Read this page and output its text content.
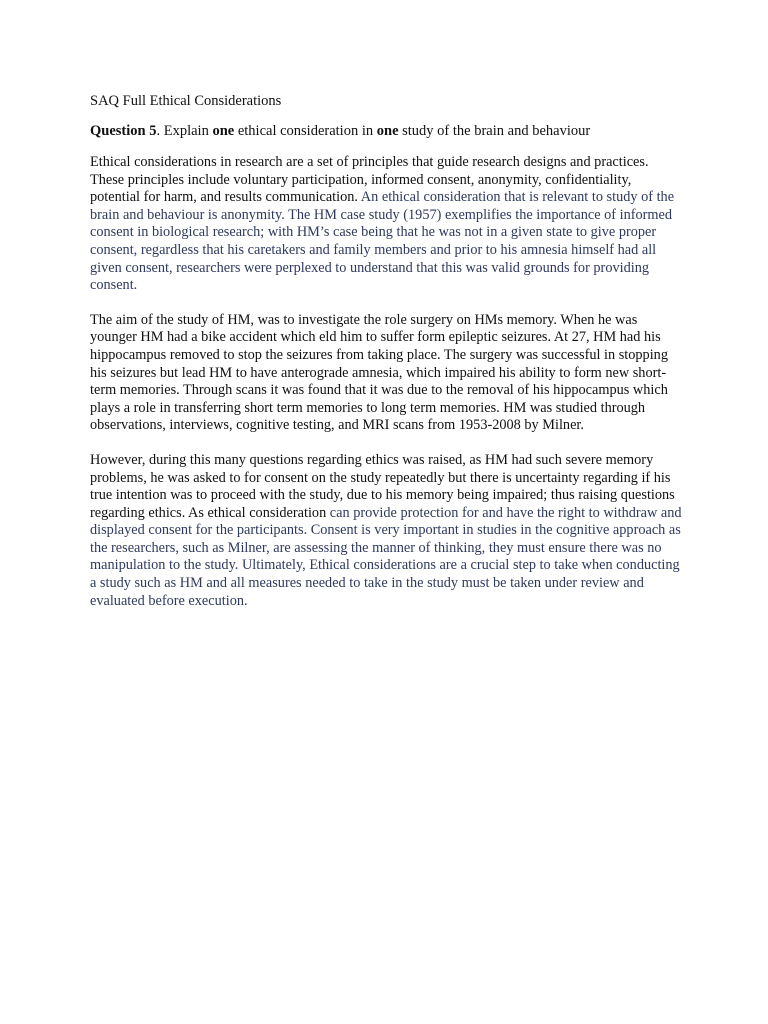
SAQ Full Ethical Considerations
Question 5. Explain one ethical consideration in one study of the brain and behaviour

Ethical considerations in research are a set of principles that guide research designs and practices. These principles include voluntary participation, informed consent, anonymity, confidentiality, potential for harm, and results communication. An ethical consideration that is relevant to study of the brain and behaviour is anonymity. The HM case study (1957) exemplifies the importance of informed consent in biological research; with HM’s case being that he was not in a given state to give proper consent, regardless that his caretakers and family members and prior to his amnesia himself had all given consent, researchers were perplexed to understand that this was valid grounds for providing consent.

The aim of the study of HM, was to investigate the role surgery on HMs memory. When he was younger HM had a bike accident which eld him to suffer form epileptic seizures. At 27, HM had his hippocampus removed to stop the seizures from taking place. The surgery was successful in stopping his seizures but lead HM to have anterograde amnesia, which impaired his ability to form new short-term memories. Through scans it was found that it was due to the removal of his hippocampus which plays a role in transferring short term memories to long term memories. HM was studied through observations, interviews, cognitive testing, and MRI scans from 1953-2008 by Milner.

However, during this many questions regarding ethics was raised, as HM had such severe memory problems, he was asked to for consent on the study repeatedly but there is uncertainty regarding if his true intention was to proceed with the study, due to his memory being impaired; thus raising questions regarding ethics. As ethical consideration can provide protection for and have the right to withdraw and displayed consent for the participants. Consent is very important in studies in the cognitive approach as the researchers, such as Milner, are assessing the manner of thinking, they must ensure there was no manipulation to the study. Ultimately, Ethical considerations are a crucial step to take when conducting a study such as HM and all measures needed to take in the study must be taken under review and evaluated before execution.
